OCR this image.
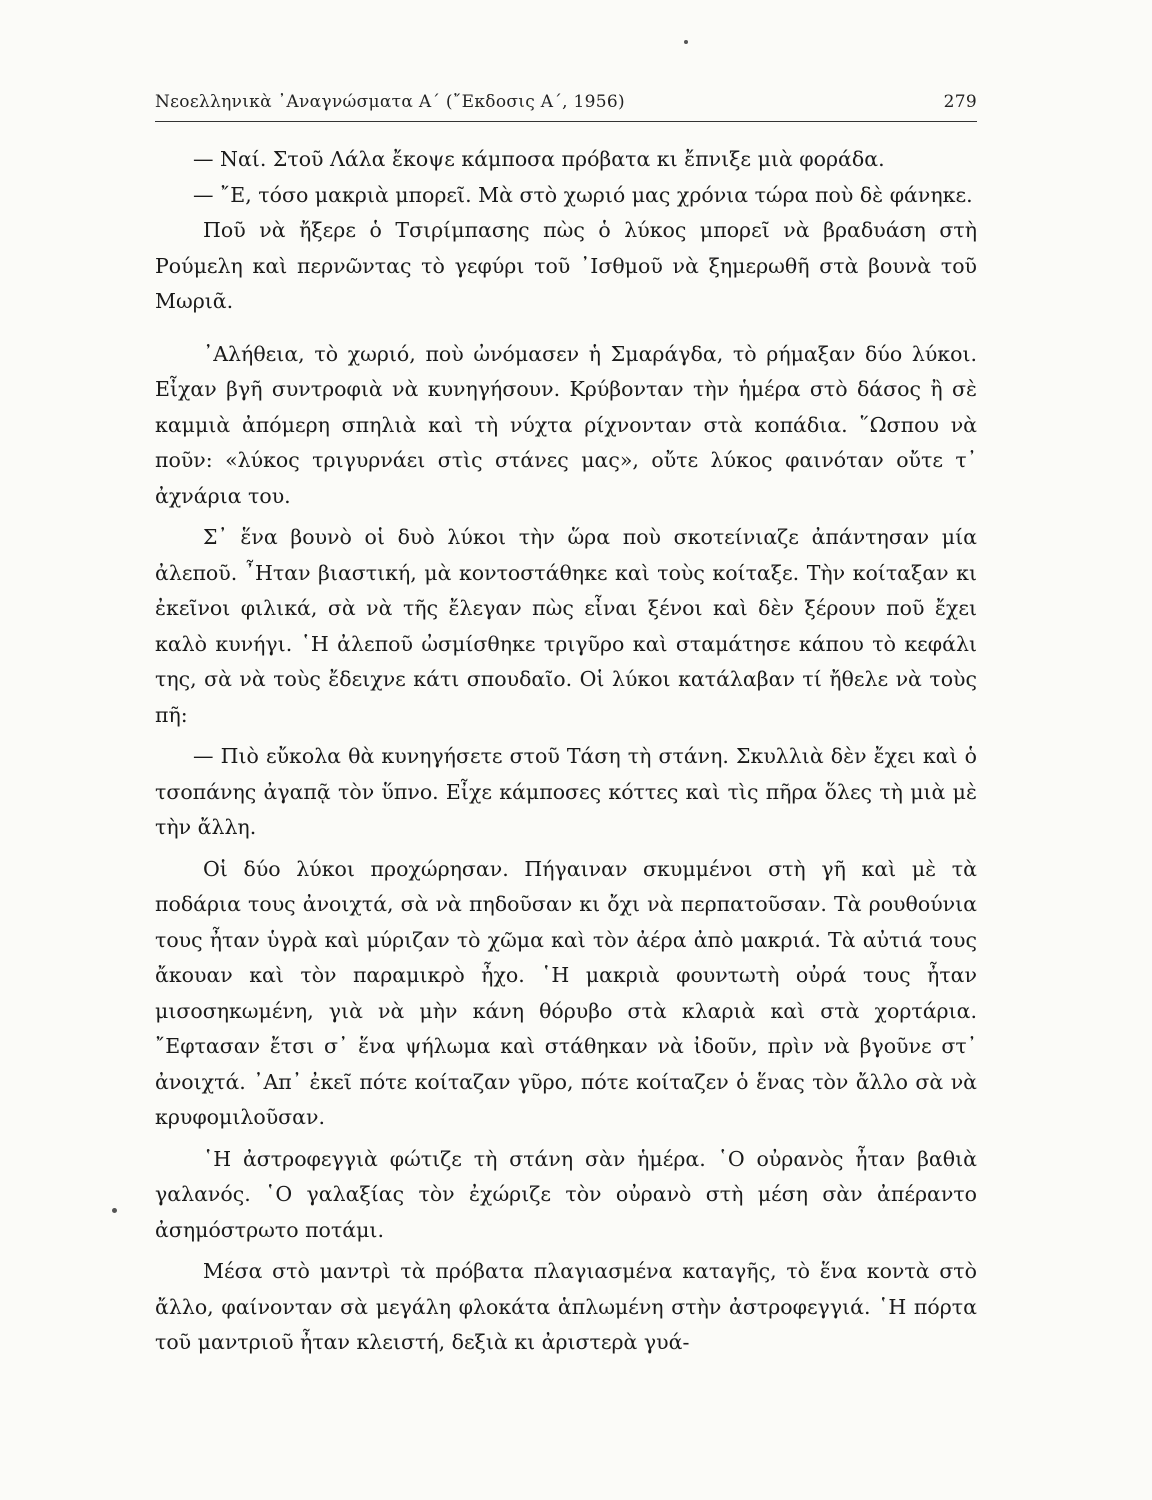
Νεοελληνικὰ ᾿Αναγνώσματα Α´ (῎Εκδοσις Α´, 1956)	279

— Ναί. Στοῦ Λάλα ἔκοψε κάμποσα πρόβατα κι ἔπνιξε μιὰ φοράδα.

— ῎Ε, τόσο μακριὰ μπορεῖ. Μὰ στὸ χωριό μας χρόνια τώρα ποὺ δὲ φάνηκε.

Ποῦ νὰ ἤξερε ὁ Τσιρίμπασης πὼς ὁ λύκος μπορεῖ νὰ βραδυάση στὴ Ρούμελη καὶ περνῶντας τὸ γεφύρι τοῦ ᾿Ισθμοῦ νὰ ξημερωθῆ στὰ βουνὰ τοῦ Μωριᾶ.

᾿Αλήθεια, τὸ χωριό, ποὺ ὠνόμασεν ἡ Σμαράγδα, τὸ ρήμαξαν δύο λύκοι. Εἶχαν βγῆ συντροφιὰ νὰ κυνηγήσουν. Κρύβονταν τὴν ἡμέρα στὸ δάσος ἢ σὲ καμμιὰ ἀπόμερη σπηλιὰ καὶ τὴ νύχτα ρίχνονταν στὰ κοπάδια. ῞Ωσπου νὰ ποῦν: «λύκος τριγυρνάει στὶς στάνες μας», οὔτε λύκος φαινόταν οὔτε τ᾿ ἀχνάρια του.

Σ᾿ ἕνα βουνὸ οἱ δυὸ λύκοι τὴν ὥρα ποὺ σκοτείνιαζε ἀπάντησαν μία ἀλεποῦ. ῏Ηταν βιαστική, μὰ κοντοστάθηκε καὶ τοὺς κοίταξε. Τὴν κοίταξαν κι ἐκεῖνοι φιλικά, σὰ νὰ τῆς ἔλεγαν πὼς εἶναι ξένοι καὶ δὲν ξέρουν ποῦ ἔχει καλὸ κυνήγι. ῾Η ἀλεποῦ ὠσμίσθηκε τριγῦρο καὶ σταμάτησε κάπου τὸ κεφάλι της, σὰ νὰ τοὺς ἔδειχνε κάτι σπουδαῖο. Οἱ λύκοι κατάλαβαν τί ἤθελε νὰ τοὺς πῆ:

— Πιὸ εὔκολα θὰ κυνηγήσετε στοῦ Τάση τὴ στάνη. Σκυλλιὰ δὲν ἔχει καὶ ὁ τσοπάνης ἀγαπᾷ τὸν ὕπνο. Εἶχε κάμποσες κόττες καὶ τὶς πῆρα ὅλες τὴ μιὰ μὲ τὴν ἄλλη.

Οἱ δύο λύκοι προχώρησαν. Πήγαιναν σκυμμένοι στὴ γῆ καὶ μὲ τὰ ποδάρια τους ἀνοιχτά, σὰ νὰ πηδοῦσαν κι ὄχι νὰ περπατοῦσαν. Τὰ ρουθούνια τους ἦταν ὑγρὰ καὶ μύριζαν τὸ χῶμα καὶ τὸν ἀέρα ἀπὸ μακριά. Τὰ αὐτιά τους ἄκουαν καὶ τὸν παραμικρὸ ἦχο. ῾Η μακριὰ φουντωτὴ οὐρά τους ἦταν μισοσηκωμένη, γιὰ νὰ μὴν κάνη θόρυβο στὰ κλαριὰ καὶ στὰ χορτάρια. ῎Εφτασαν ἔτσι σ᾿ ἕνα ψήλωμα καὶ στάθηκαν νὰ ἰδοῦν, πρὶν νὰ βγοῦνε στ᾿ ἀνοιχτά. ᾿Απ᾿ ἐκεῖ πότε κοίταζαν γῦρο, πότε κοίταζεν ὁ ἕνας τὸν ἄλλο σὰ νὰ κρυφομιλοῦσαν.

῾Η ἀστροφεγγιὰ φώτιζε τὴ στάνη σὰν ἡμέρα. ῾Ο οὐρανὸς ἦταν βαθιὰ γαλανός. ῾Ο γαλαξίας τὸν ἐχώριζε τὸν οὐρανὸ στὴ μέση σὰν ἀπέραντο ἀσημόστρωτο ποτάμι.

Μέσα στὸ μαντρὶ τὰ πρόβατα πλαγιασμένα καταγῆς, τὸ ἕνα κοντὰ στὸ ἄλλο, φαίνονταν σὰ μεγάλη φλοκάτα ἁπλωμένη στὴν ἀστροφεγγιά. ῾Η πόρτα τοῦ μαντριοῦ ἦταν κλειστή, δεξιὰ κι ἀριστερὰ γυά-
